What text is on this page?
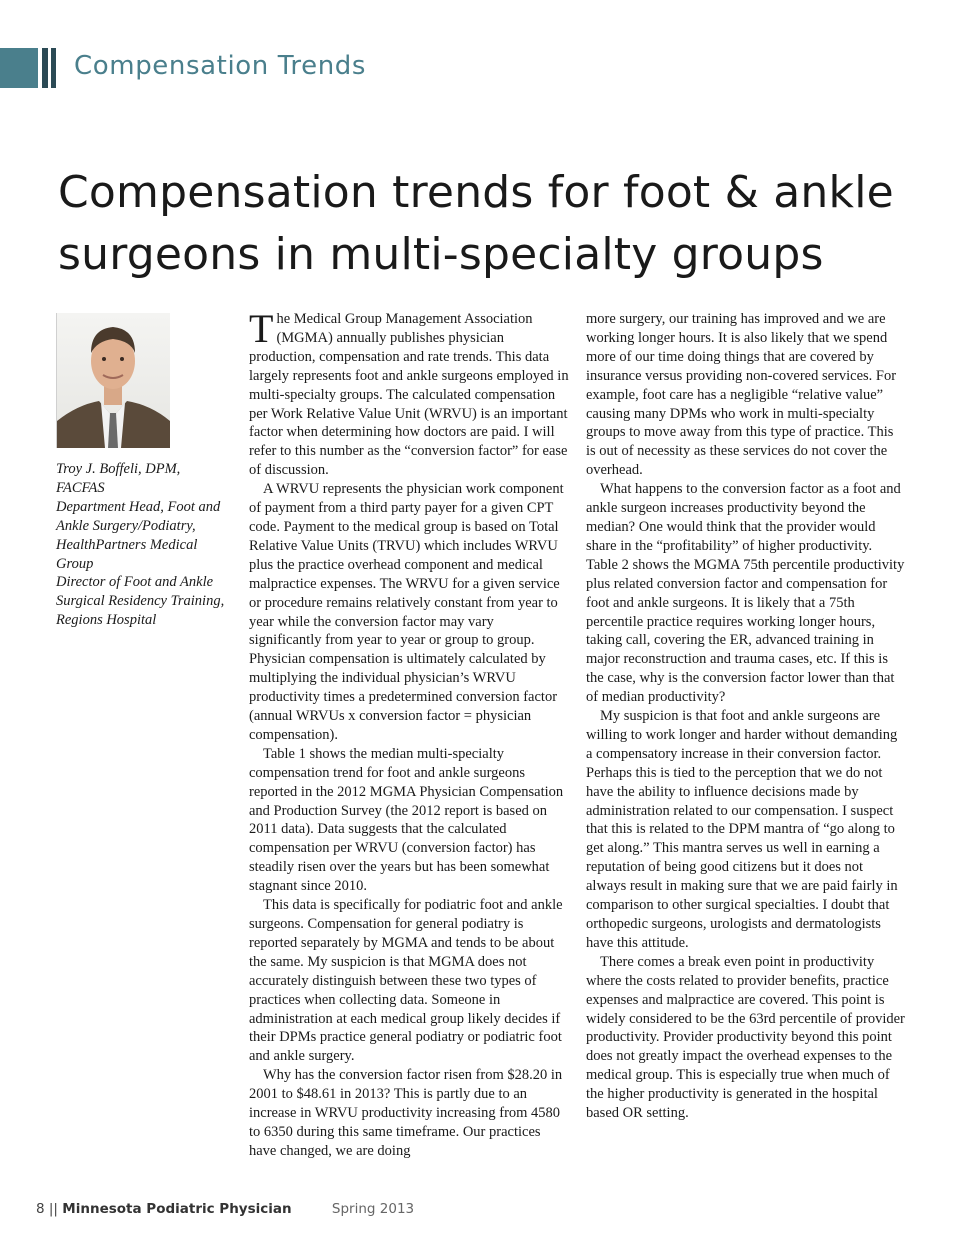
Compensation Trends
Compensation trends for foot & ankle
surgeons in multi-specialty groups
Troy J. Boffeli, DPM,
FACFAS
Department Head, Foot and
Ankle Surgery/Podiatry,
HealthPartners Medical
Group
Director of Foot and Ankle
Surgical Residency Training,
Regions Hospital

The Medical Group Management Association (MGMA) annually publishes physician production, compensation and rate trends. This data largely represents foot and ankle surgeons employed in multi-specialty groups. The calculated compensation per Work Relative Value Unit (WRVU) is an important factor when determining how doctors are paid. I will refer to this number as the “conversion factor” for ease of discussion.

A WRVU represents the physician work component of payment from a third party payer for a given CPT code. Payment to the medical group is based on Total Relative Value Units (TRVU) which includes WRVU plus the practice overhead component and medical malpractice expenses. The WRVU for a given service or procedure remains relatively constant from year to year while the conversion factor may vary significantly from year to year or group to group. Physician compensation is ultimately calculated by multiplying the individual physician’s WRVU productivity times a predetermined conversion factor (annual WRVUs x conversion factor = physician compensation).

Table 1 shows the median multi-specialty compensation trend for foot and ankle surgeons reported in the 2012 MGMA Physician Compensation and Production Survey (the 2012 report is based on 2011 data). Data suggests that the calculated compensation per WRVU (conversion factor) has steadily risen over the years but has been somewhat stagnant since 2010.

This data is specifically for podiatric foot and ankle surgeons. Compensation for general podiatry is reported separately by MGMA and tends to be about the same. My suspicion is that MGMA does not accurately distinguish between these two types of practices when collecting data. Someone in administration at each medical group likely decides if their DPMs practice general podiatry or podiatric foot and ankle surgery.

Why has the conversion factor risen from $28.20 in 2001 to $48.61 in 2013? This is partly due to an increase in WRVU productivity increasing from 4580 to 6350 during this same timeframe. Our practices have changed, we are doing

more surgery, our training has improved and we are working longer hours. It is also likely that we spend more of our time doing things that are covered by insurance versus providing non-covered services. For example, foot care has a negligible “relative value” causing many DPMs who work in multi-specialty groups to move away from this type of practice. This is out of necessity as these services do not cover the overhead.

What happens to the conversion factor as a foot and ankle surgeon increases productivity beyond the median? One would think that the provider would share in the “profitability” of higher productivity. Table 2 shows the MGMA 75th percentile productivity plus related conversion factor and compensation for foot and ankle surgeons. It is likely that a 75th percentile practice requires working longer hours, taking call, covering the ER, advanced training in major reconstruction and trauma cases, etc. If this is the case, why is the conversion factor lower than that of median productivity?

My suspicion is that foot and ankle surgeons are willing to work longer and harder without demanding a compensatory increase in their conversion factor. Perhaps this is tied to the perception that we do not have the ability to influence decisions made by administration related to our compensation. I suspect that this is related to the DPM mantra of “go along to get along.” This mantra serves us well in earning a reputation of being good citizens but it does not always result in making sure that we are paid fairly in comparison to other surgical specialties. I doubt that orthopedic surgeons, urologists and dermatologists have this attitude.

There comes a break even point in productivity where the costs related to provider benefits, practice expenses and malpractice are covered. This point is widely considered to be the 63rd percentile of provider productivity. Provider productivity beyond this point does not greatly impact the overhead expenses to the medical group. This is especially true when much of the higher productivity is generated in the hospital based OR setting.

8 || Minnesota Podiatric Physician	Spring 2013
